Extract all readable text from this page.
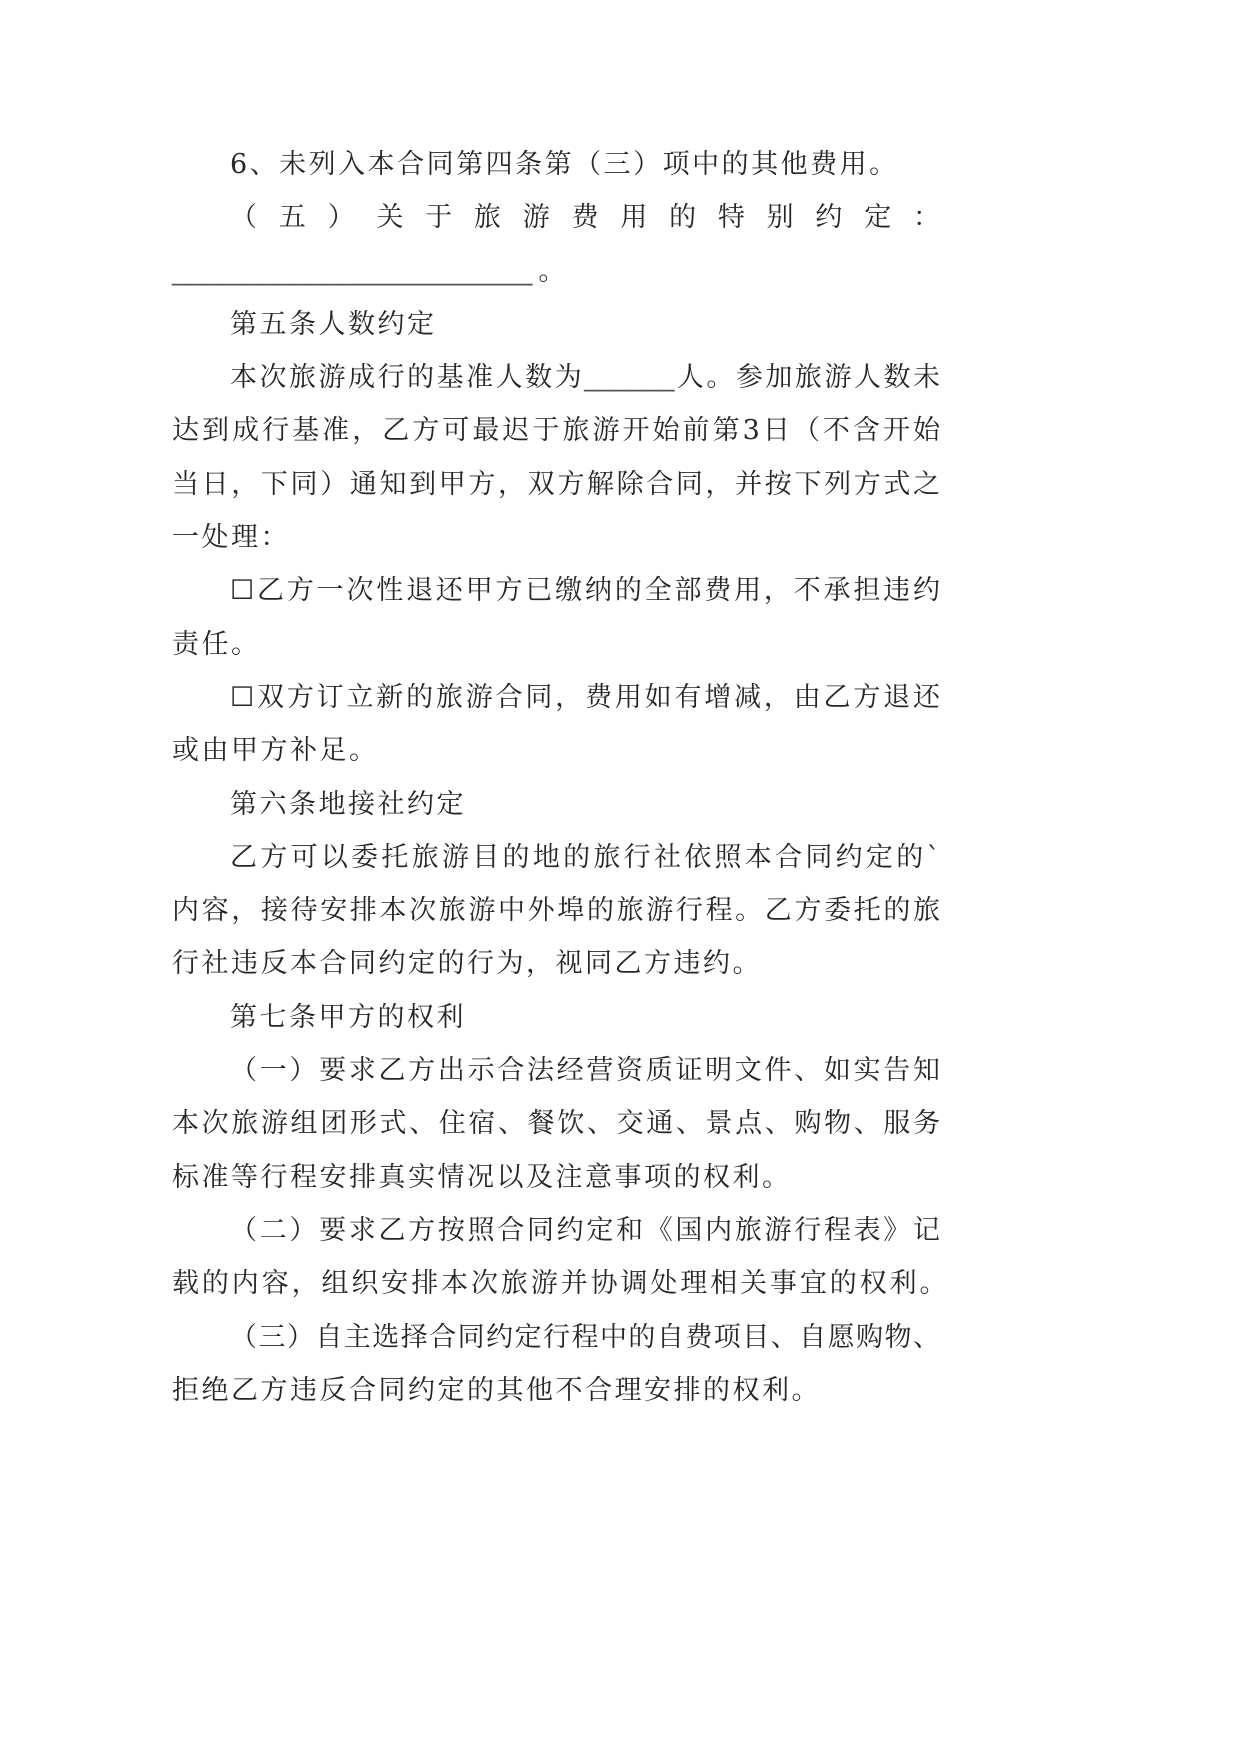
6、未列入本合同第四条第（三）项中的其他费用。
（五）关于旅游费用的特别约定：
________________________ 。
第五条人数约定
本次旅游成行的基准人数为______人。参加旅游人数未
达到成行基准，乙方可最迟于旅游开始前第3日（不含开始
当日，下同）通知到甲方，双方解除合同，并按下列方式之
一处理：
☐乙方一次性退还甲方已缴纳的全部费用，不承担违约
责任。
☐双方订立新的旅游合同，费用如有增减，由乙方退还
或由甲方补足。
第六条地接社约定
乙方可以委托旅游目的地的旅行社依照本合同约定的`
内容，接待安排本次旅游中外埠的旅游行程。乙方委托的旅
行社违反本合同约定的行为，视同乙方违约。
第七条甲方的权利
（一）要求乙方出示合法经营资质证明文件、如实告知
本次旅游组团形式、住宿、餐饮、交通、景点、购物、服务
标准等行程安排真实情况以及注意事项的权利。
（二）要求乙方按照合同约定和《国内旅游行程表》记
载的内容，组织安排本次旅游并协调处理相关事宜的权利。
（三）自主选择合同约定行程中的自费项目、自愿购物、
拒绝乙方违反合同约定的其他不合理安排的权利。
